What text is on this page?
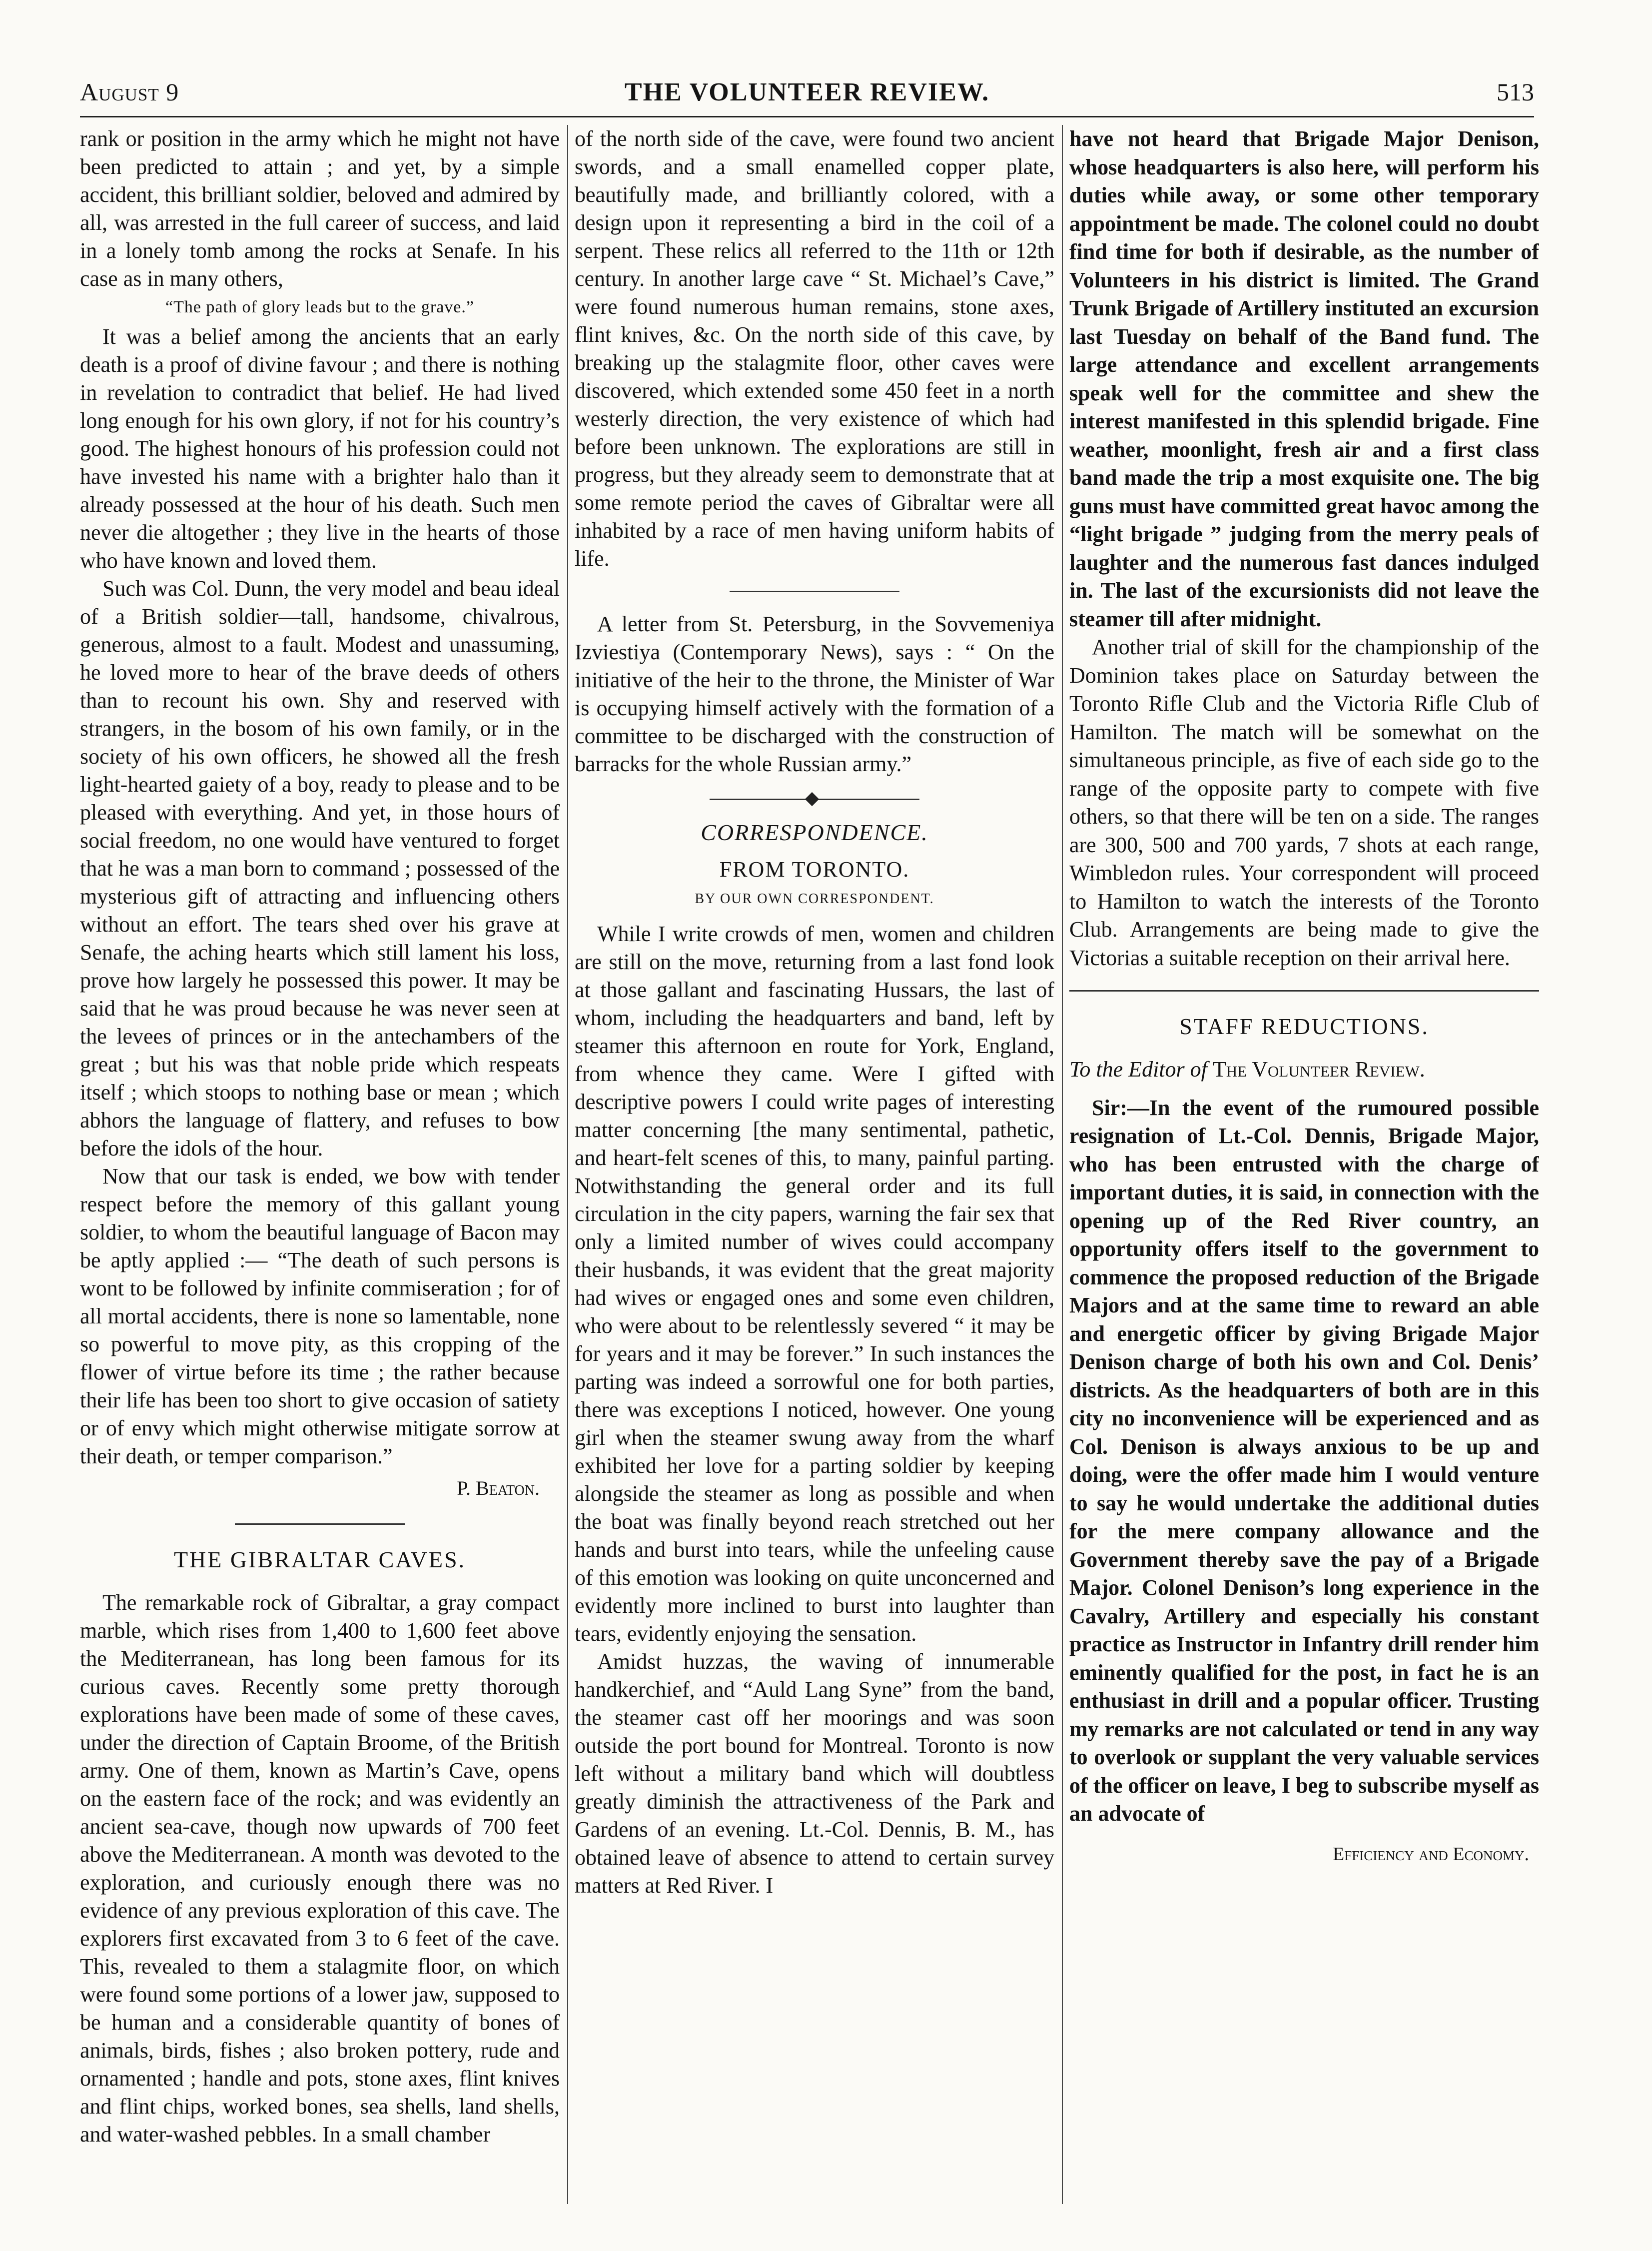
August 9	THE VOLUNTEER REVIEW.	513

rank or position in the army which he might not have been predicted to attain ; and yet, by a simple accident, this brilliant soldier, beloved and admired by all, was arrested in the full career of success, and laid in a lonely tomb among the rocks at Senafe. In his case as in many others,

“The path of glory leads but to the grave.”

It was a belief among the ancients that an early death is a proof of divine favour ; and there is nothing in revelation to contradict that belief. He had lived long enough for his own glory, if not for his country’s good. The highest honours of his profession could not have invested his name with a brighter halo than it already possessed at the hour of his death. Such men never die altogether ; they live in the hearts of those who have known and loved them.

Such was Col. Dunn, the very model and beau ideal of a British soldier—tall, handsome, chivalrous, generous, almost to a fault. Modest and unassuming, he loved more to hear of the brave deeds of others than to recount his own. Shy and reserved with strangers, in the bosom of his own family, or in the society of his own officers, he showed all the fresh light-hearted gaiety of a boy, ready to please and to be pleased with everything. And yet, in those hours of social freedom, no one would have ventured to forget that he was a man born to command ; possessed of the mysterious gift of attracting and influencing others without an effort. The tears shed over his grave at Senafe, the aching hearts which still lament his loss, prove how largely he possessed this power. It may be said that he was proud because he was never seen at the levees of princes or in the antechambers of the great ; but his was that noble pride which respeats itself ; which stoops to nothing base or mean ; which abhors the language of flattery, and refuses to bow before the idols of the hour.

Now that our task is ended, we bow with tender respect before the memory of this gallant young soldier, to whom the beautiful language of Bacon may be aptly applied :— “The death of such persons is wont to be followed by infinite commiseration ; for of all mortal accidents, there is none so lamentable, none so powerful to move pity, as this cropping of the flower of virtue before its time ; the rather because their life has been too short to give occasion of satiety or of envy which might otherwise mitigate sorrow at their death, or temper comparison.”

P. Beaton.
THE GIBRALTAR CAVES.

The remarkable rock of Gibraltar, a gray compact marble, which rises from 1,400 to 1,600 feet above the Mediterranean, has long been famous for its curious caves. Recently some pretty thorough explorations have been made of some of these caves, under the direction of Captain Broome, of the British army. One of them, known as Martin’s Cave, opens on the eastern face of the rock; and was evidently an ancient sea-cave, though now upwards of 700 feet above the Mediterranean. A month was devoted to the exploration, and curiously enough there was no evidence of any previous exploration of this cave. The explorers first excavated from 3 to 6 feet of the cave. This, revealed to them a stalagmite floor, on which were found some portions of a lower jaw, supposed to be human and a considerable quantity of bones of animals, birds, fishes ; also broken pottery, rude and ornamented ; handle and pots, stone axes, flint knives and flint chips, worked bones, sea shells, land shells, and water-washed pebbles. In a small chamber

of the north side of the cave, were found two ancient swords, and a small enamelled copper plate, beautifully made, and brilliantly colored, with a design upon it representing a bird in the coil of a serpent. These relics all referred to the 11th or 12th century. In another large cave “ St. Michael’s Cave,” were found numerous human remains, stone axes, flint knives, &c. On the north side of this cave, by breaking up the stalagmite floor, other caves were discovered, which extended some 450 feet in a north westerly direction, the very existence of which had before been unknown. The explorations are still in progress, but they already seem to demonstrate that at some remote period the caves of Gibraltar were all inhabited by a race of men having uniform habits of life.

A letter from St. Petersburg, in the Sovvemeniya Izviestiya (Contemporary News), says : “ On the initiative of the heir to the throne, the Minister of War is occupying himself actively with the formation of a committee to be discharged with the construction of barracks for the whole Russian army.”

CORRESPONDENCE.
FROM TORONTO.
BY OUR OWN CORRESPONDENT.

While I write crowds of men, women and children are still on the move, returning from a last fond look at those gallant and fascinating Hussars, the last of whom, including the headquarters and band, left by steamer this afternoon en route for York, England, from whence they came. Were I gifted with descriptive powers I could write pages of interesting matter concerning [the many sentimental, pathetic, and heart-felt scenes of this, to many, painful parting. Notwithstanding the general order and its full circulation in the city papers, warning the fair sex that only a limited number of wives could accompany their husbands, it was evident that the great majority had wives or engaged ones and some even children, who were about to be relentlessly severed “ it may be for years and it may be forever.” In such instances the parting was indeed a sorrowful one for both parties, there was exceptions I noticed, however. One young girl when the steamer swung away from the wharf exhibited her love for a parting soldier by keeping alongside the steamer as long as possible and when the boat was finally beyond reach stretched out her hands and burst into tears, while the unfeeling cause of this emotion was looking on quite unconcerned and evidently more inclined to burst into laughter than tears, evidently enjoying the sensation.

Amidst huzzas, the waving of innumerable handkerchief, and “Auld Lang Syne” from the band, the steamer cast off her moorings and was soon outside the port bound for Montreal. Toronto is now left without a military band which will doubtless greatly diminish the attractiveness of the Park and Gardens of an evening. Lt.-Col. Dennis, B. M., has obtained leave of absence to attend to certain survey matters at Red River. I

have not heard that Brigade Major Denison, whose headquarters is also here, will perform his duties while away, or some other temporary appointment be made. The colonel could no doubt find time for both if desirable, as the number of Volunteers in his district is limited. The Grand Trunk Brigade of Artillery instituted an excursion last Tuesday on behalf of the Band fund. The large attendance and excellent arrangements speak well for the committee and shew the interest manifested in this splendid brigade. Fine weather, moonlight, fresh air and a first class band made the trip a most exquisite one. The big guns must have committed great havoc among the “light brigade ” judging from the merry peals of laughter and the numerous fast dances indulged in. The last of the excursionists did not leave the steamer till after midnight.

Another trial of skill for the championship of the Dominion takes place on Saturday between the Toronto Rifle Club and the Victoria Rifle Club of Hamilton. The match will be somewhat on the simultaneous principle, as five of each side go to the range of the opposite party to compete with five others, so that there will be ten on a side. The ranges are 300, 500 and 700 yards, 7 shots at each range, Wimbledon rules. Your correspondent will proceed to Hamilton to watch the interests of the Toronto Club. Arrangements are being made to give the Victorias a suitable reception on their arrival here.

STAFF REDUCTIONS.

To the Editor of The Volunteer Review.

Sir:—In the event of the rumoured possible resignation of Lt.-Col. Dennis, Brigade Major, who has been entrusted with the charge of important duties, it is said, in connection with the opening up of the Red River country, an opportunity offers itself to the government to commence the proposed reduction of the Brigade Majors and at the same time to reward an able and energetic officer by giving Brigade Major Denison charge of both his own and Col. Denis’ districts. As the headquarters of both are in this city no inconvenience will be experienced and as Col. Denison is always anxious to be up and doing, were the offer made him I would venture to say he would undertake the additional duties for the mere company allowance and the Government thereby save the pay of a Brigade Major. Colonel Denison’s long experience in the Cavalry, Artillery and especially his constant practice as Instructor in Infantry drill render him eminently qualified for the post, in fact he is an enthusiast in drill and a popular officer. Trusting my remarks are not calculated or tend in any way to overlook or supplant the very valuable services of the officer on leave, I beg to subscribe myself as an advocate of

Efficiency and Economy.
